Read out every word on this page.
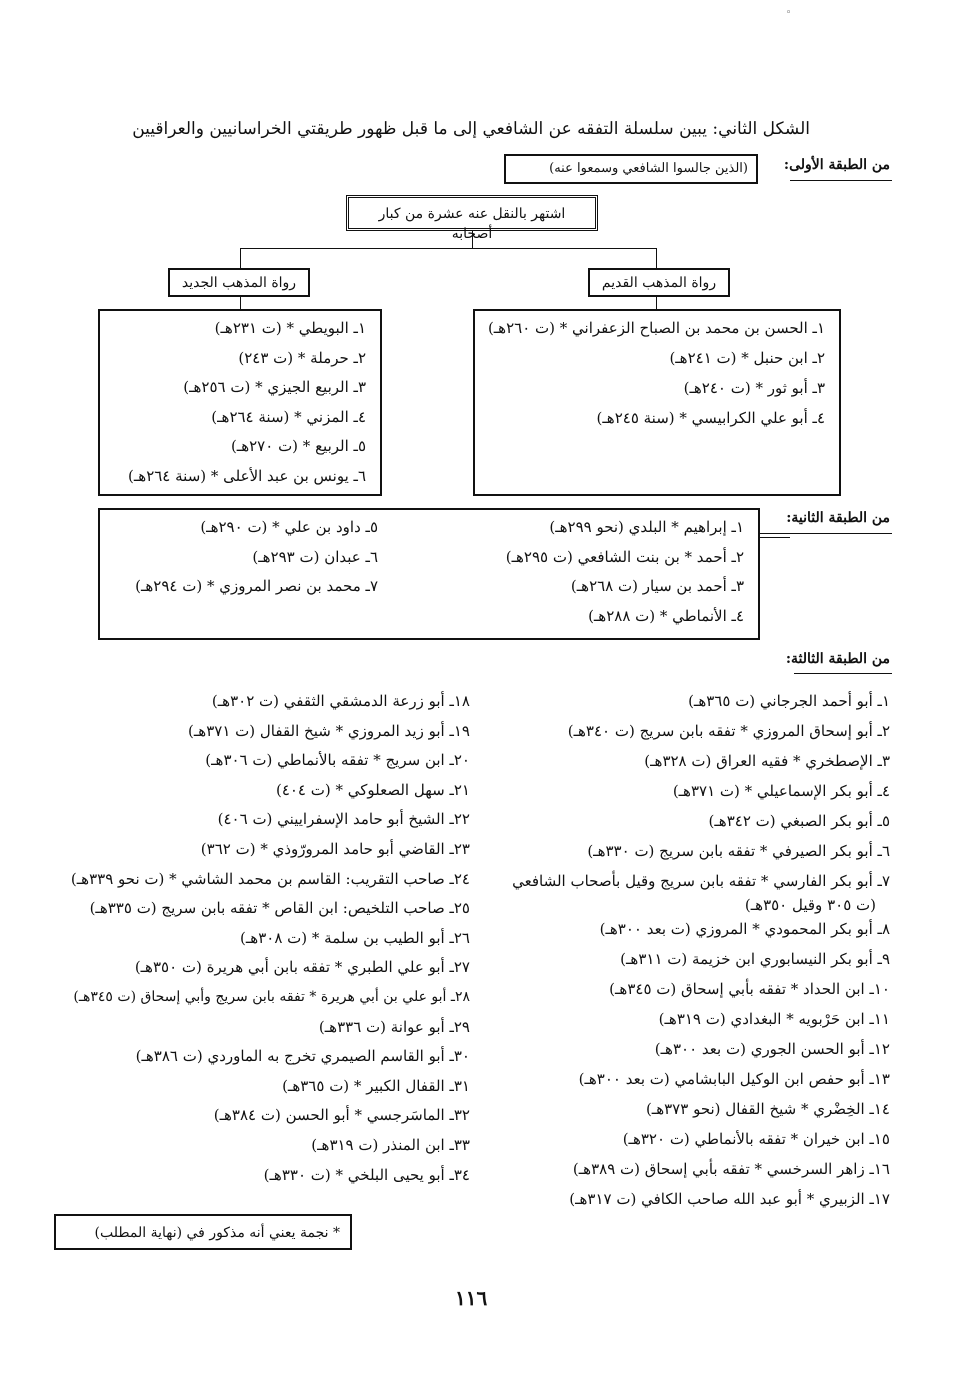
◦
الشكل الثاني: يبين سلسلة التفقه عن الشافعي إلى ما قبل ظهور طريقتي الخراسانيين والعراقيين
من الطبقة الأولى:
(الذين جالسوا الشافعي وسمعوا عنه)
اشتهر بالنقل عنه عشرة من كبار أصحابه
رواة المذهب الجديد	رواة المذهب القديم
١ـ البويطي * (ت ٢٣١هـ)
٢ـ حرملة * (ت ٢٤٣)
٣ـ الربيع الجيزي * (ت ٢٥٦هـ)
٤ـ المزني * (سنة ٢٦٤هـ)
٥ـ الربيع * (ت ٢٧٠هـ)
٦ـ يونس بن عبد الأعلى * (سنة ٢٦٤هـ)
١ـ الحسن بن محمد بن الصباح الزعفراني * (ت ٢٦٠هـ)
٢ـ ابن حنبل * (ت ٢٤١هـ)
٣ـ أبو ثور * (ت ٢٤٠هـ)
٤ـ أبو علي الكرابيسي * (سنة ٢٤٥هـ)
من الطبقة الثانية:
١ـ إبراهيم * البلدي (نحو ٢٩٩هـ)
٢ـ أحمد * بن بنت الشافعي (ت ٢٩٥هـ)
٣ـ أحمد بن سيار (ت ٢٦٨هـ)
٤ـ الأنماطي * (ت ٢٨٨هـ)
٥ـ داود بن علي * (ت ٢٩٠هـ)
٦ـ عبدان (ت ٢٩٣هـ)
٧ـ محمد بن نصر المروزي * (ت ٢٩٤هـ)
من الطبقة الثالثة:
١ـ أبو أحمد الجرجاني (ت ٣٦٥هـ)
٢ـ أبو إسحاق المروزي * تفقه بابن سريج (ت ٣٤٠هـ)
٣ـ الإصطخري * فقيه العراق (ت ٣٢٨هـ)
٤ـ أبو بكر الإسماعيلي * (ت ٣٧١هـ)
٥ـ أبو بكر الصبغي (ت ٣٤٢هـ)
٦ـ أبو بكر الصيرفي * تفقه بابن سريج (ت ٣٣٠هـ)
٧ـ أبو بكر الفارسي * تفقه بابن سريج وقيل بأصحاب الشافعي
(ت ٣٠٥ وقيل ٣٥٠هـ)
٨ـ أبو بكر المحمودي * المروزي (ت بعد ٣٠٠هـ)
٩ـ أبو بكر النيسابوري ابن خزيمة (ت ٣١١هـ)
١٠ـ ابن الحداد * تفقه بأبي إسحاق (ت ٣٤٥هـ)
١١ـ ابن حَرْبويه * البغدادي (ت ٣١٩هـ)
١٢ـ أبو الحسن الجوري (ت بعد ٣٠٠هـ)
١٣ـ أبو حفص ابن الوكيل البابشامي (ت بعد ٣٠٠هـ)
١٤ـ الخِضْري * شيخ القفال (نحو ٣٧٣هـ)
١٥ـ ابن خيران * تفقه بالأنماطي (ت ٣٢٠هـ)
١٦ـ زاهر السرخسي * تفقه بأبي إسحاق (ت ٣٨٩هـ)
١٧ـ الزبيري * أبو عبد الله صاحب الكافي (ت ٣١٧هـ)
١٨ـ أبو زرعة الدمشقي الثقفي (ت ٣٠٢هـ)
١٩ـ أبو زيد المروزي * شيخ القفال (ت ٣٧١هـ)
٢٠ـ ابن سريج * تفقه بالأنماطي (ت ٣٠٦هـ)
٢١ـ سهل الصعلوكي * (ت ٤٠٤)
٢٢ـ الشيخ أبو حامد الإسفراييني (ت ٤٠٦)
٢٣ـ القاضي أبو حامد المرورّوذي * (ت ٣٦٢)
٢٤ـ صاحب التقريب: القاسم بن محمد الشاشي * (ت نحو ٣٣٩هـ)
٢٥ـ صاحب التلخيص: ابن القاص * تفقه بابن سريج (ت ٣٣٥هـ)
٢٦ـ أبو الطيب بن سلمة * (ت ٣٠٨هـ)
٢٧ـ أبو علي الطبري * تفقه بابن أبي هريرة (ت ٣٥٠هـ)
٢٨ـ أبو علي بن أبي هريرة * تفقه بابن سريج وأبي إسحاق (ت ٣٤٥هـ)
٢٩ـ أبو عوانة (ت ٣٣٦هـ)
٣٠ـ أبو القاسم الصيمري تخرج به الماوردي (ت ٣٨٦هـ)
٣١ـ القفال الكبير * (ت ٣٦٥هـ)
٣٢ـ الماسَرجسي * أبو الحسن (ت ٣٨٤هـ)
٣٣ـ ابن المنذر (ت ٣١٩هـ)
٣٤ـ أبو يحيى البلخي * (ت ٣٣٠هـ)
* نجمة يعني أنه مذكور في (نهاية المطلب)
١١٦
